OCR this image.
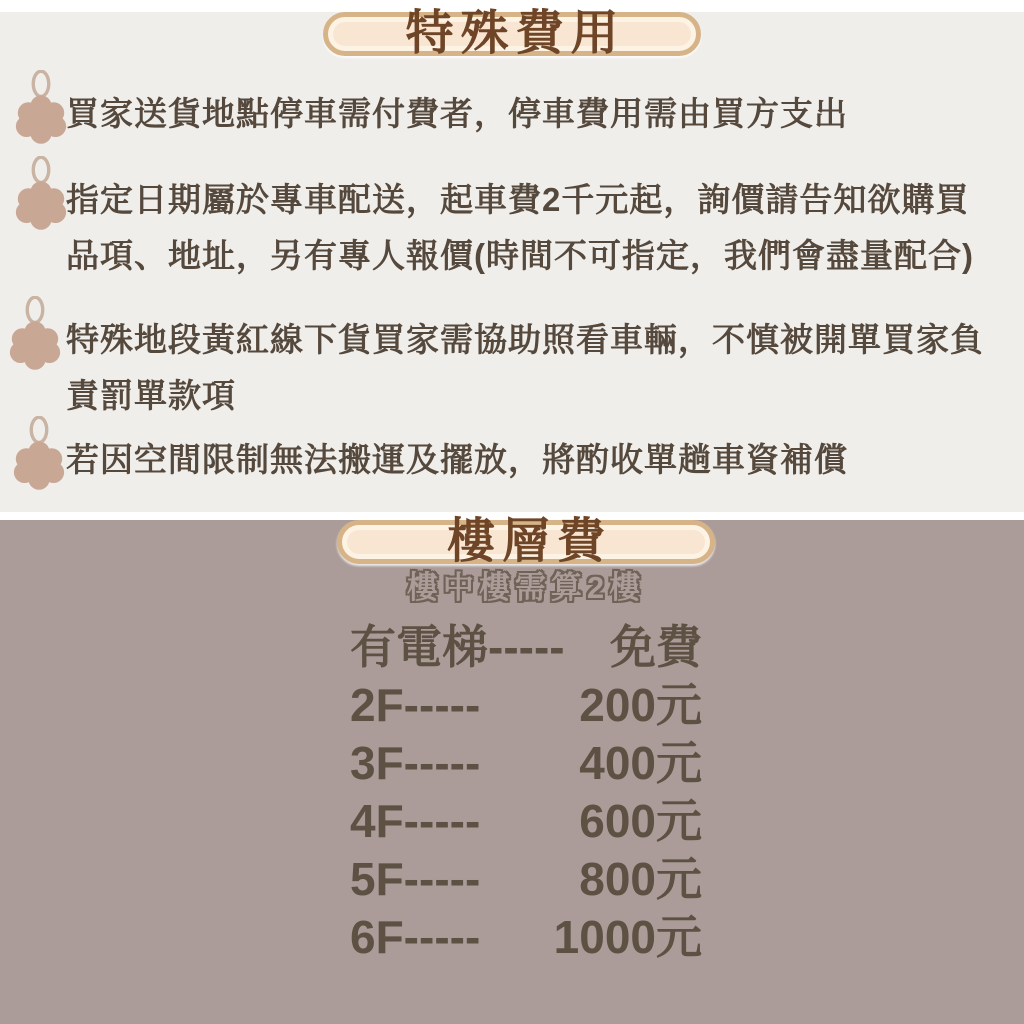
特殊費用
買家送貨地點停車需付費者，停車費用需由買方支出
指定日期屬於專車配送，起車費2千元起，詢價請告知欲購買
品項、地址，另有專人報價(時間不可指定，我們會盡量配合)
特殊地段黃紅線下貨買家需協助照看車輛，不慎被開單買家負
責罰單款項
若因空間限制無法搬運及擺放，將酌收單趟車資補償
樓層費
樓中樓需算2樓
有電梯----- 免費
2F----- 200元
3F----- 400元
4F----- 600元
5F----- 800元
6F----- 1000元
